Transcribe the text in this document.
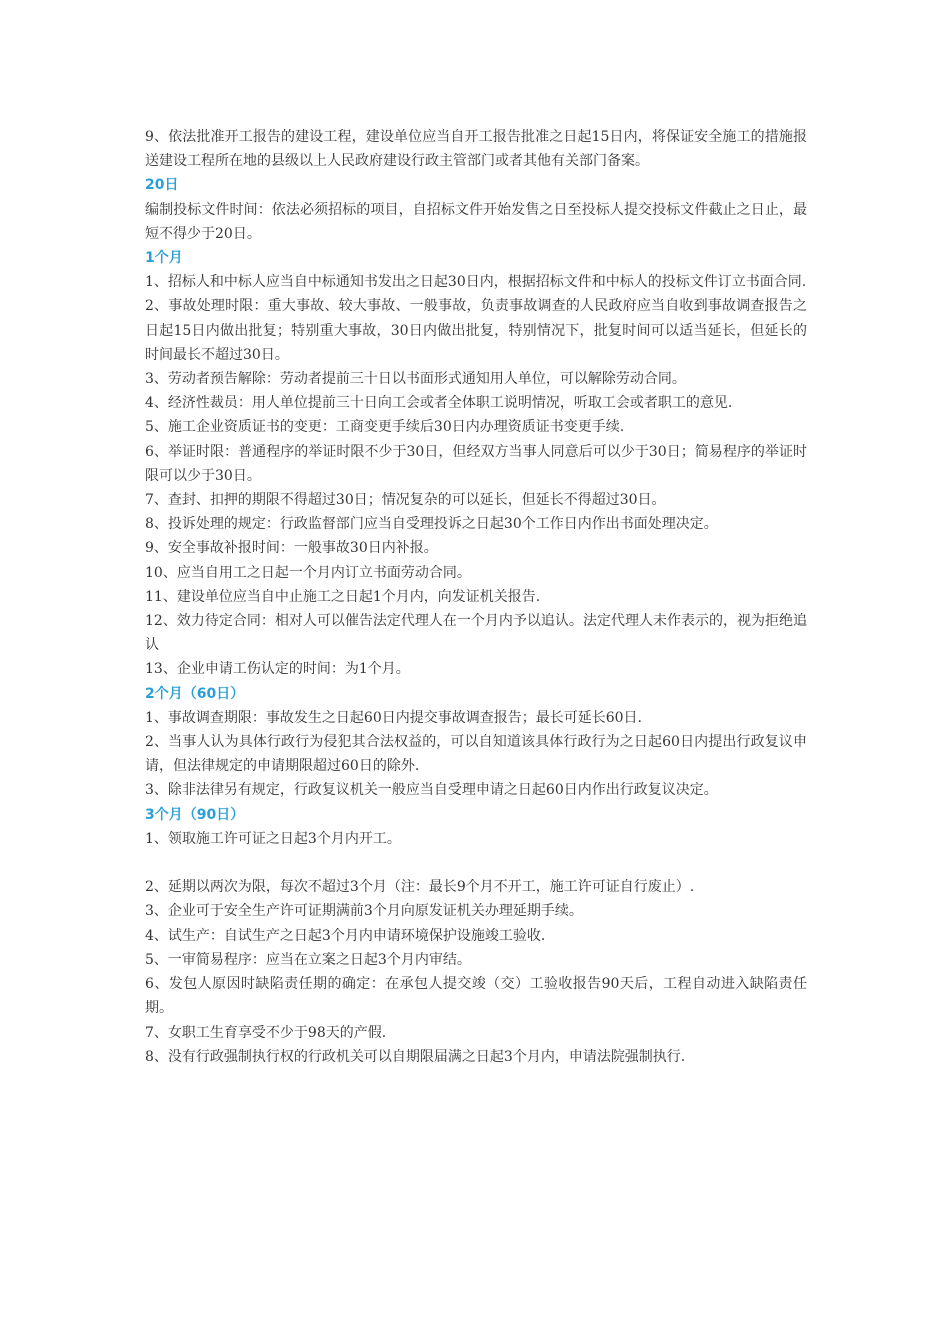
9、依法批准开工报告的建设工程，建设单位应当自开工报告批准之日起15日内，将保证安全施工的措施报送建设工程所在地的县级以上人民政府建设行政主管部门或者其他有关部门备案。

20日

编制投标文件时间：依法必须招标的项目，自招标文件开始发售之日至投标人提交投标文件截止之日止，最短不得少于20日。

1个月

1、招标人和中标人应当自中标通知书发出之日起30日内，根据招标文件和中标人的投标文件订立书面合同.

2、事故处理时限：重大事故、较大事故、一般事故，负责事故调查的人民政府应当自收到事故调查报告之日起15日内做出批复；特别重大事故，30日内做出批复，特别情况下，批复时间可以适当延长，但延长的时间最长不超过30日。

3、劳动者预告解除：劳动者提前三十日以书面形式通知用人单位，可以解除劳动合同。

4、经济性裁员：用人单位提前三十日向工会或者全体职工说明情况，听取工会或者职工的意见.

5、施工企业资质证书的变更：工商变更手续后30日内办理资质证书变更手续.

6、举证时限：普通程序的举证时限不少于30日，但经双方当事人同意后可以少于30日；简易程序的举证时限可以少于30日。

7、查封、扣押的期限不得超过30日；情况复杂的可以延长，但延长不得超过30日。

8、投诉处理的规定：行政监督部门应当自受理投诉之日起30个工作日内作出书面处理决定。

9、安全事故补报时间：一般事故30日内补报。

10、应当自用工之日起一个月内订立书面劳动合同。

11、建设单位应当自中止施工之日起1个月内，向发证机关报告.

12、效力待定合同：相对人可以催告法定代理人在一个月内予以追认。法定代理人未作表示的，视为拒绝追认

13、企业申请工伤认定的时间：为1个月。

2个月（60日）

1、事故调查期限：事故发生之日起60日内提交事故调查报告；最长可延长60日.

2、当事人认为具体行政行为侵犯其合法权益的，可以自知道该具体行政行为之日起60日内提出行政复议申请，但法律规定的申请期限超过60日的除外.

3、除非法律另有规定，行政复议机关一般应当自受理申请之日起60日内作出行政复议决定。

3个月（90日）

1、领取施工许可证之日起3个月内开工。

2、延期以两次为限，每次不超过3个月（注：最长9个月不开工，施工许可证自行废止）.

3、企业可于安全生产许可证期满前3个月向原发证机关办理延期手续。

4、试生产：自试生产之日起3个月内申请环境保护设施竣工验收.

5、一审简易程序：应当在立案之日起3个月内审结。

6、发包人原因时缺陷责任期的确定：在承包人提交竣（交）工验收报告90天后，工程自动进入缺陷责任期。

7、女职工生育享受不少于98天的产假.

8、没有行政强制执行权的行政机关可以自期限届满之日起3个月内，申请法院强制执行.
